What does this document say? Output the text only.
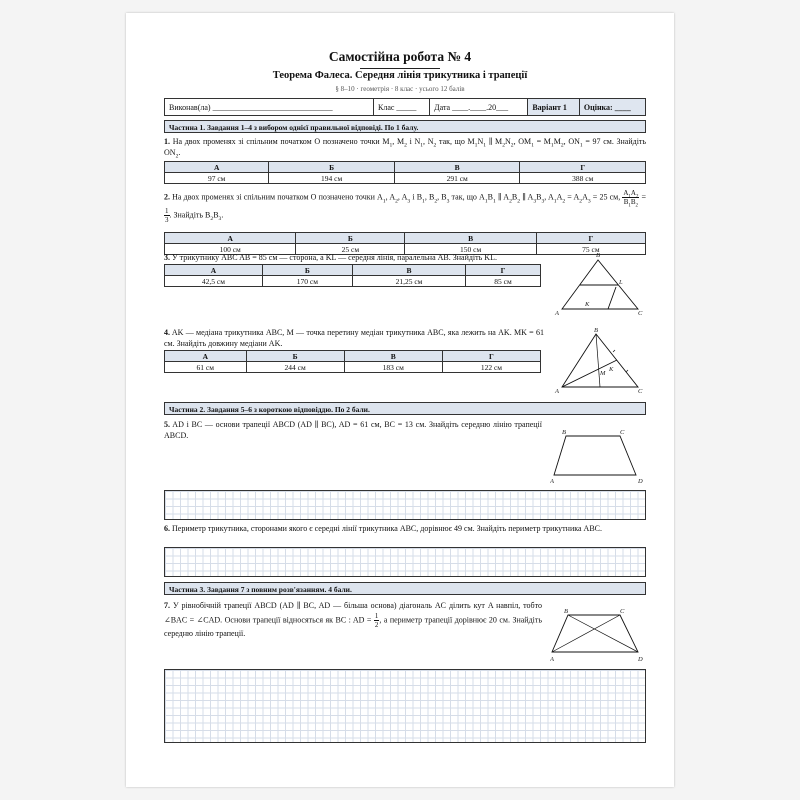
Самостійна робота № 4
Теорема Фалеса. Середня лінія трикутника і трапеції
§ 8–10 · геометрія · 8 клас · усього 12 балів
Виконав(ла) ______________________________	Клас _____	Дата ____.____.20___	Варіант 1	Оцінка: ____
Частина 1. Завдання 1–4 з вибором однієї правильної відповіді. По 1 балу.
1. На двох променях зі спільним початком O позначено точки $M_1$, $M_2$ і $N_1$, $N_2$ так, що $M_1N_1$ ∥ $M_2N_2$, $OM_1 = M_1M_2$, $ON_1 = 97$ см. Знайдіть $ON_2$.
А	Б	В	Г
97 см	194 см	291 см	388 см
2. На двох променях зі спільним початком O позначено точки $A_1$, $A_2$, $A_3$ і $B_1$, $B_2$, $B_3$ так, що $A_1B_1$ ∥ $A_2B_2$ ∥ $A_3B_3$, $A_1A_2 = A_2A_3 = 25$ см, $\frac{A_1A_2}{B_1B_2}$ =
$\frac{1}{3}$ . Знайдіть $B_2B_3$.
А	Б	В	Г
100 см	25 см	150 см	75 см
3. У трикутнику ABC AB = 85 см — сторона, а KL — середня лінія, паралельна AB. Знайдіть KL.
А	Б	В	Г
42,5 см	170 см	21,25 см	85 см
B
L
A
K
C
4. AK — медіана трикутника ABC, M — точка перетину медіан трикутника ABC, яка лежить на AK. MK = 61 см. Знайдіть довжину медіани AK.
А	Б	В	Г
61 см	244 см	183 см	122 см
B
K
M
A	C
Частина 2. Завдання 5–6 з короткою відповіддю. По 2 бали.
5. AD і BC — основи трапеції ABCD (AD ∥ BC), AD = 61 см, BC = 13 см. Знайдіть середню лінію трапеції ABCD.	B	C
A	D
6. Периметр трикутника, сторонами якого є середні лінії трикутника ABC, дорівнює 49 см. Знайдіть периметр трикутника ABC.
Частина 3. Завдання 7 з повним розв'язанням. 4 бали.
7. У рівнобічній трапеції ABCD (AD ∥ BC, AD — більша основа) діагональ AC ділить кут A навпіл, тобто ∠BAC = ∠CAD. Основи трапеції відносяться як BC : AD = $\frac{1}{2}$ , а периметр трапеції дорівнює 20 см. Знайдіть середню лінію трапеції.
B	C
A	D
